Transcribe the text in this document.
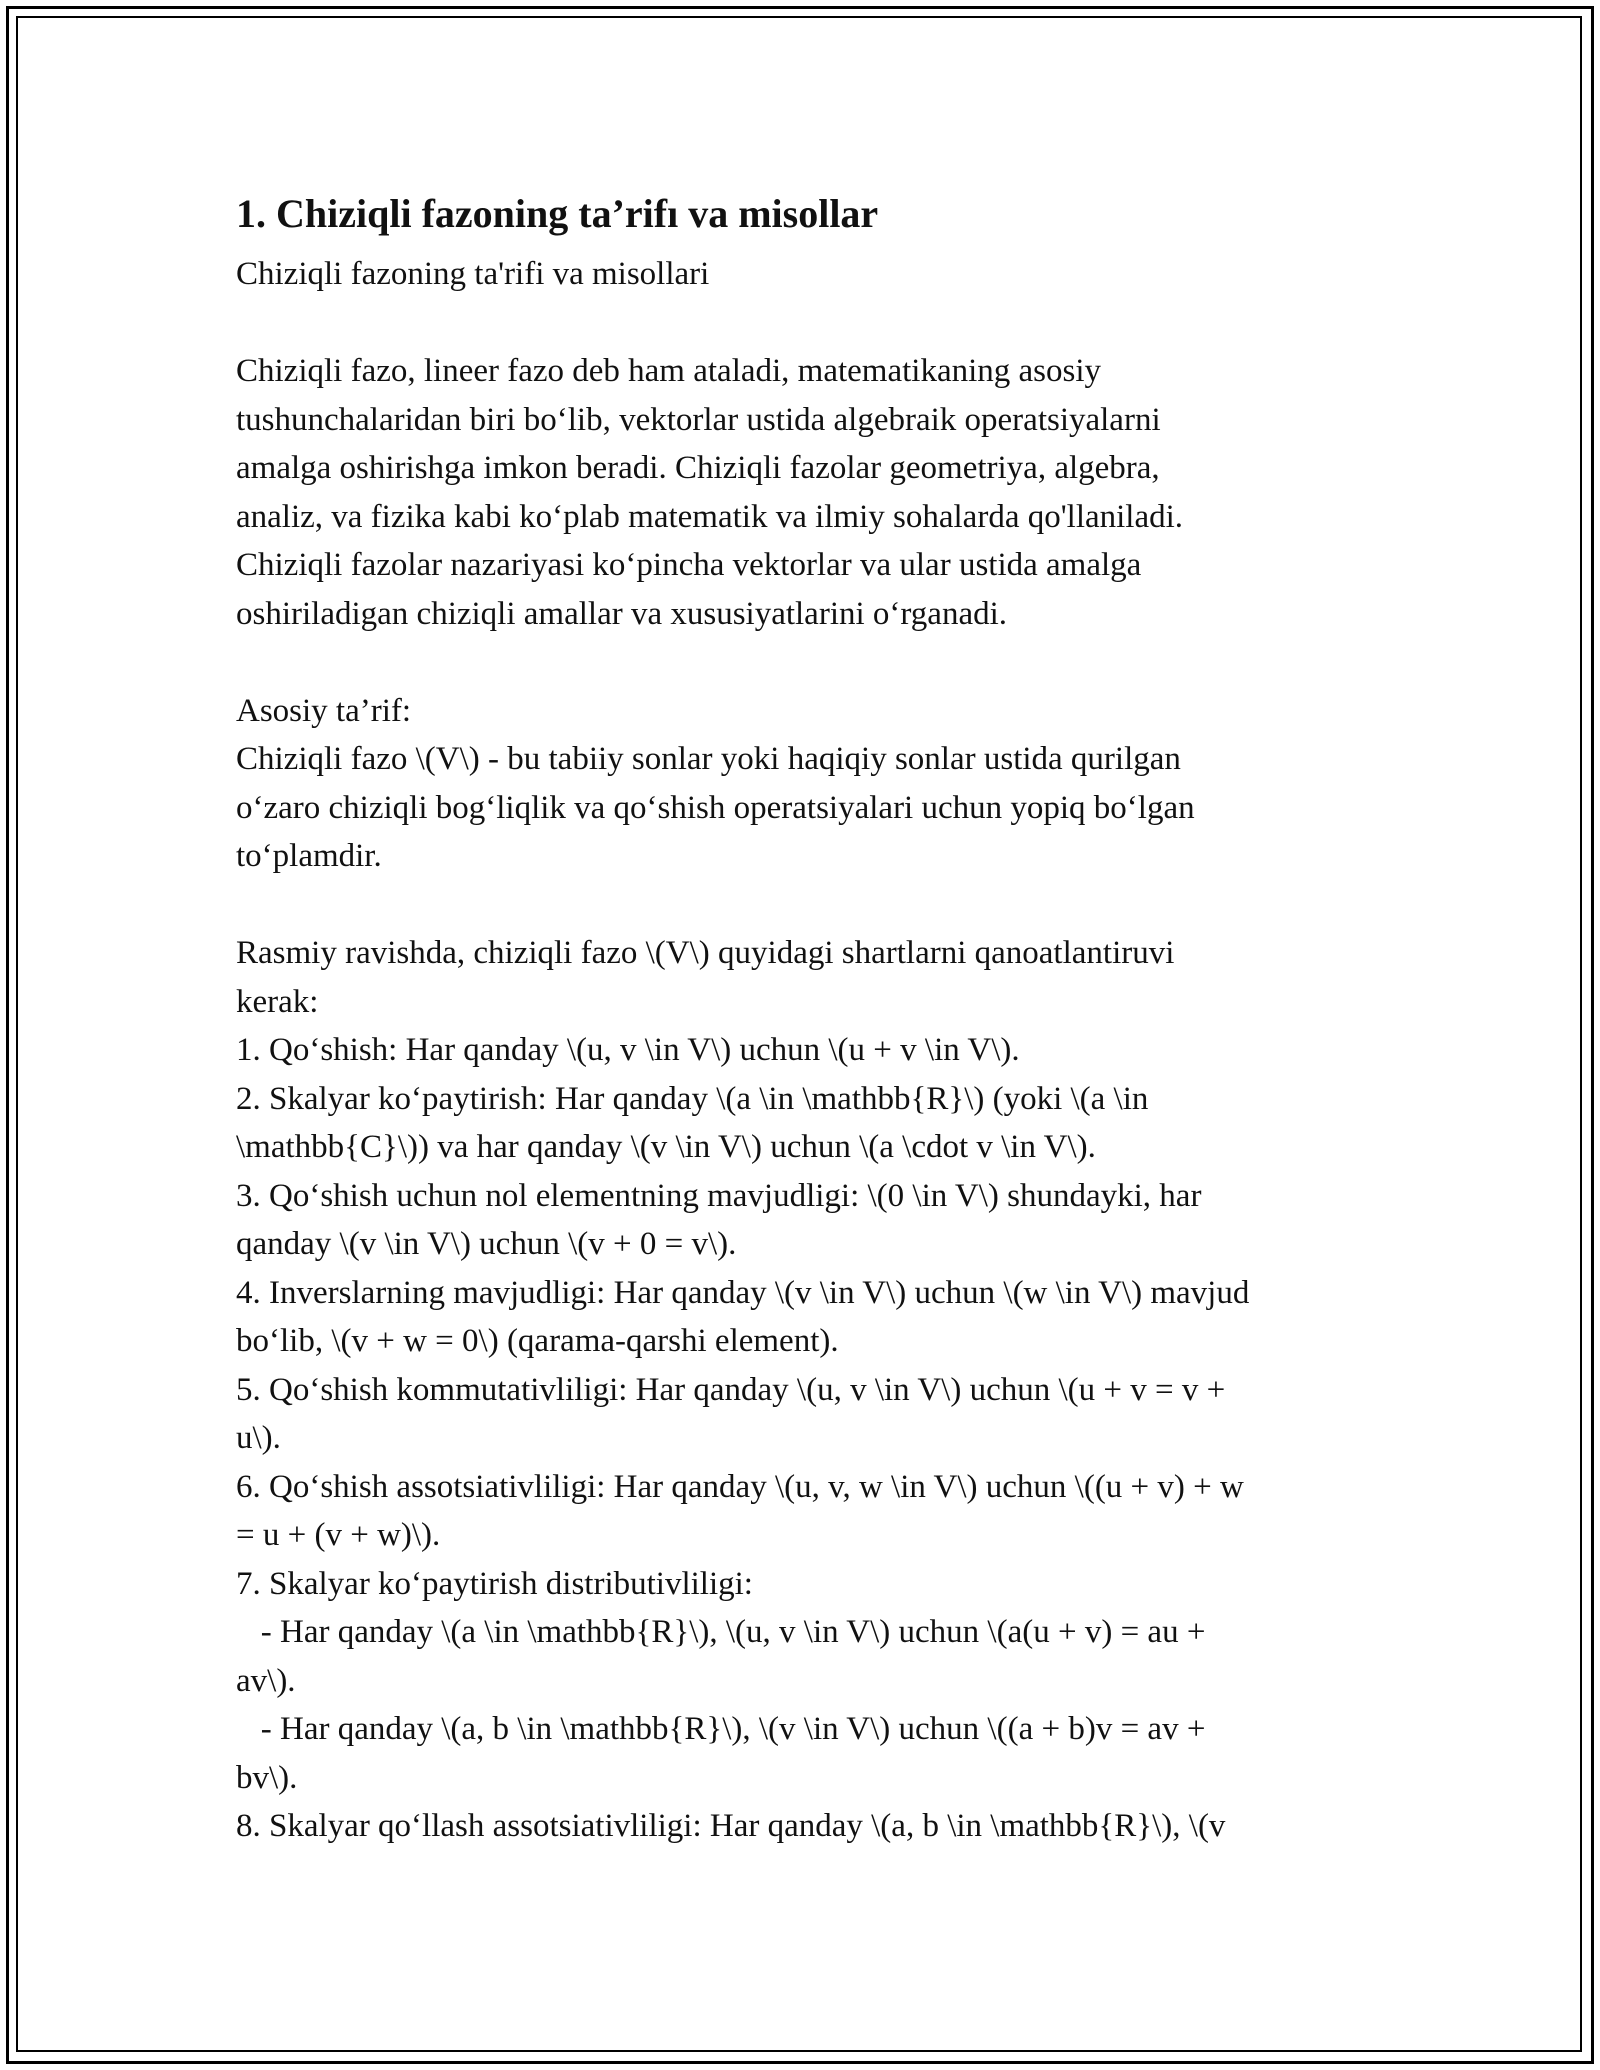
1. Chiziqli fazoning ta’rifı va misollar

Chiziqli fazoning ta'rifi va misollari

Chiziqli fazo, lineer fazo deb ham ataladi, matematikaning asosiy

tushunchalaridan biri bo‘lib, vektorlar ustida algebraik operatsiyalarni

amalga oshirishga imkon beradi. Chiziqli fazolar geometriya, algebra,

analiz, va fizika kabi ko‘plab matematik va ilmiy sohalarda qo'llaniladi.

Chiziqli fazolar nazariyasi ko‘pincha vektorlar va ular ustida amalga

oshiriladigan chiziqli amallar va xususiyatlarini o‘rganadi.

Asosiy ta’rif:

Chiziqli fazo \(V\) - bu tabiiy sonlar yoki haqiqiy sonlar ustida qurilgan

o‘zaro chiziqli bog‘liqlik va qo‘shish operatsiyalari uchun yopiq bo‘lgan

to‘plamdir.

Rasmiy ravishda, chiziqli fazo \(V\) quyidagi shartlarni qanoatlantiruvi

kerak:

1. Qo‘shish: Har qanday \(u, v \in V\) uchun \(u + v \in V\).

2. Skalyar ko‘paytirish: Har qanday \(a \in \mathbb{R}\) (yoki \(a \in

\mathbb{C}\)) va har qanday \(v \in V\) uchun \(a \cdot v \in V\).

3. Qo‘shish uchun nol elementning mavjudligi: \(0 \in V\) shundayki, har

qanday \(v \in V\) uchun \(v + 0 = v\).

4. Inverslarning mavjudligi: Har qanday \(v \in V\) uchun \(w \in V\) mavjud

bo‘lib, \(v + w = 0\) (qarama-qarshi element).

5. Qo‘shish kommutativliligi: Har qanday \(u, v \in V\) uchun \(u + v = v +

u\).

6. Qo‘shish assotsiativliligi: Har qanday \(u, v, w \in V\) uchun \((u + v) + w

= u + (v + w)\).

7. Skalyar ko‘paytirish distributivliligi:

- Har qanday \(a \in \mathbb{R}\), \(u, v \in V\) uchun \(a(u + v) = au +

av\).

- Har qanday \(a, b \in \mathbb{R}\), \(v \in V\) uchun \((a + b)v = av +

bv\).

8. Skalyar qo‘llash assotsiativliligi: Har qanday \(a, b \in \mathbb{R}\), \(v
